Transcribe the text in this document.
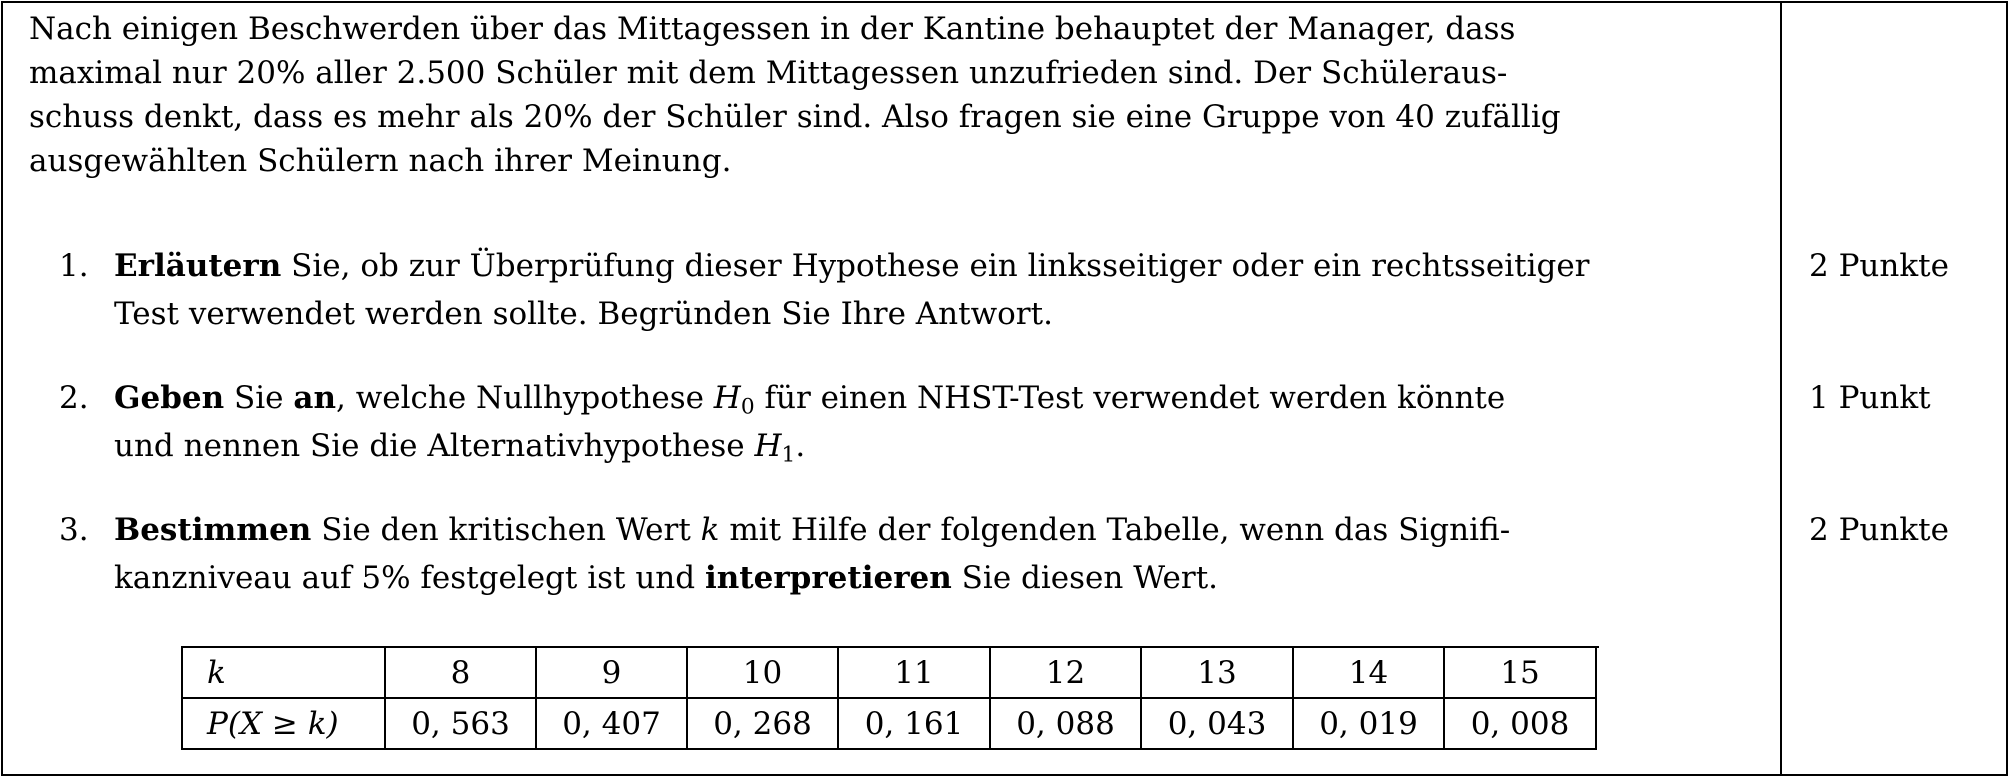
Nach einigen Beschwerden über das Mittagessen in der Kantine behauptet der Manager, dass
maximal nur 20% aller 2.500 Schüler mit dem Mittagessen unzufrieden sind. Der Schüleraus-
schuss denkt, dass es mehr als 20% der Schüler sind. Also fragen sie eine Gruppe von 40 zufällig
ausgewählten Schülern nach ihrer Meinung.
1. Erläutern Sie, ob zur Überprüfung dieser Hypothese ein linksseitiger oder ein rechtsseitiger
Test verwendet werden sollte. Begründen Sie Ihre Antwort.
2 Punkte
2. Geben Sie an, welche Nullhypothese $H_0$ für einen NHST-Test verwendet werden könnte
und nennen Sie die Alternativhypothese $H_1$.
1 Punkt
3. Bestimmen Sie den kritischen Wert k mit Hilfe der folgenden Tabelle, wenn das Signifi-
kanzniveau auf 5% festgelegt ist und interpretieren Sie diesen Wert.
2 Punkte
k	8	9	10	11	12	13	14	15
P(X ≥ k)	0, 563	0, 407	0, 268	0, 161	0, 088	0, 043	0, 019	0, 008
